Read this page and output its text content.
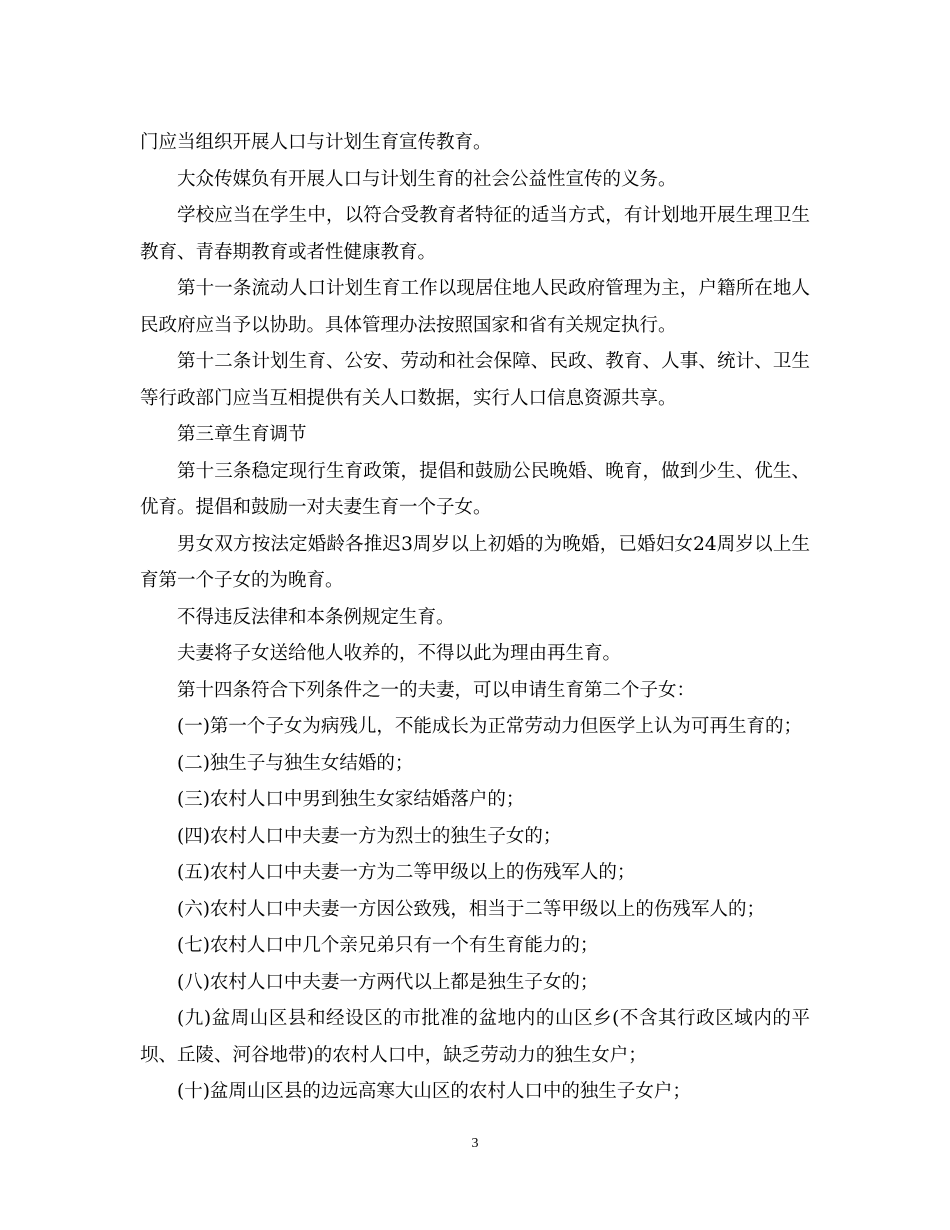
门应当组织开展人口与计划生育宣传教育。

大众传媒负有开展人口与计划生育的社会公益性宣传的义务。

学校应当在学生中，以符合受教育者特征的适当方式，有计划地开展生理卫生教育、青春期教育或者性健康教育。

第十一条流动人口计划生育工作以现居住地人民政府管理为主，户籍所在地人民政府应当予以协助。具体管理办法按照国家和省有关规定执行。

第十二条计划生育、公安、劳动和社会保障、民政、教育、人事、统计、卫生等行政部门应当互相提供有关人口数据，实行人口信息资源共享。

第三章生育调节

第十三条稳定现行生育政策，提倡和鼓励公民晚婚、晚育，做到少生、优生、优育。提倡和鼓励一对夫妻生育一个子女。

男女双方按法定婚龄各推迟3周岁以上初婚的为晚婚，已婚妇女24周岁以上生育第一个子女的为晚育。

不得违反法律和本条例规定生育。

夫妻将子女送给他人收养的，不得以此为理由再生育。

第十四条符合下列条件之一的夫妻，可以申请生育第二个子女：

(一)第一个子女为病残儿，不能成长为正常劳动力但医学上认为可再生育的；

(二)独生子与独生女结婚的；

(三)农村人口中男到独生女家结婚落户的；

(四)农村人口中夫妻一方为烈士的独生子女的；

(五)农村人口中夫妻一方为二等甲级以上的伤残军人的；

(六)农村人口中夫妻一方因公致残，相当于二等甲级以上的伤残军人的；

(七)农村人口中几个亲兄弟只有一个有生育能力的；

(八)农村人口中夫妻一方两代以上都是独生子女的；

(九)盆周山区县和经设区的市批准的盆地内的山区乡(不含其行政区域内的平坝、丘陵、河谷地带)的农村人口中，缺乏劳动力的独生女户；

(十)盆周山区县的边远高寒大山区的农村人口中的独生子女户；

3
